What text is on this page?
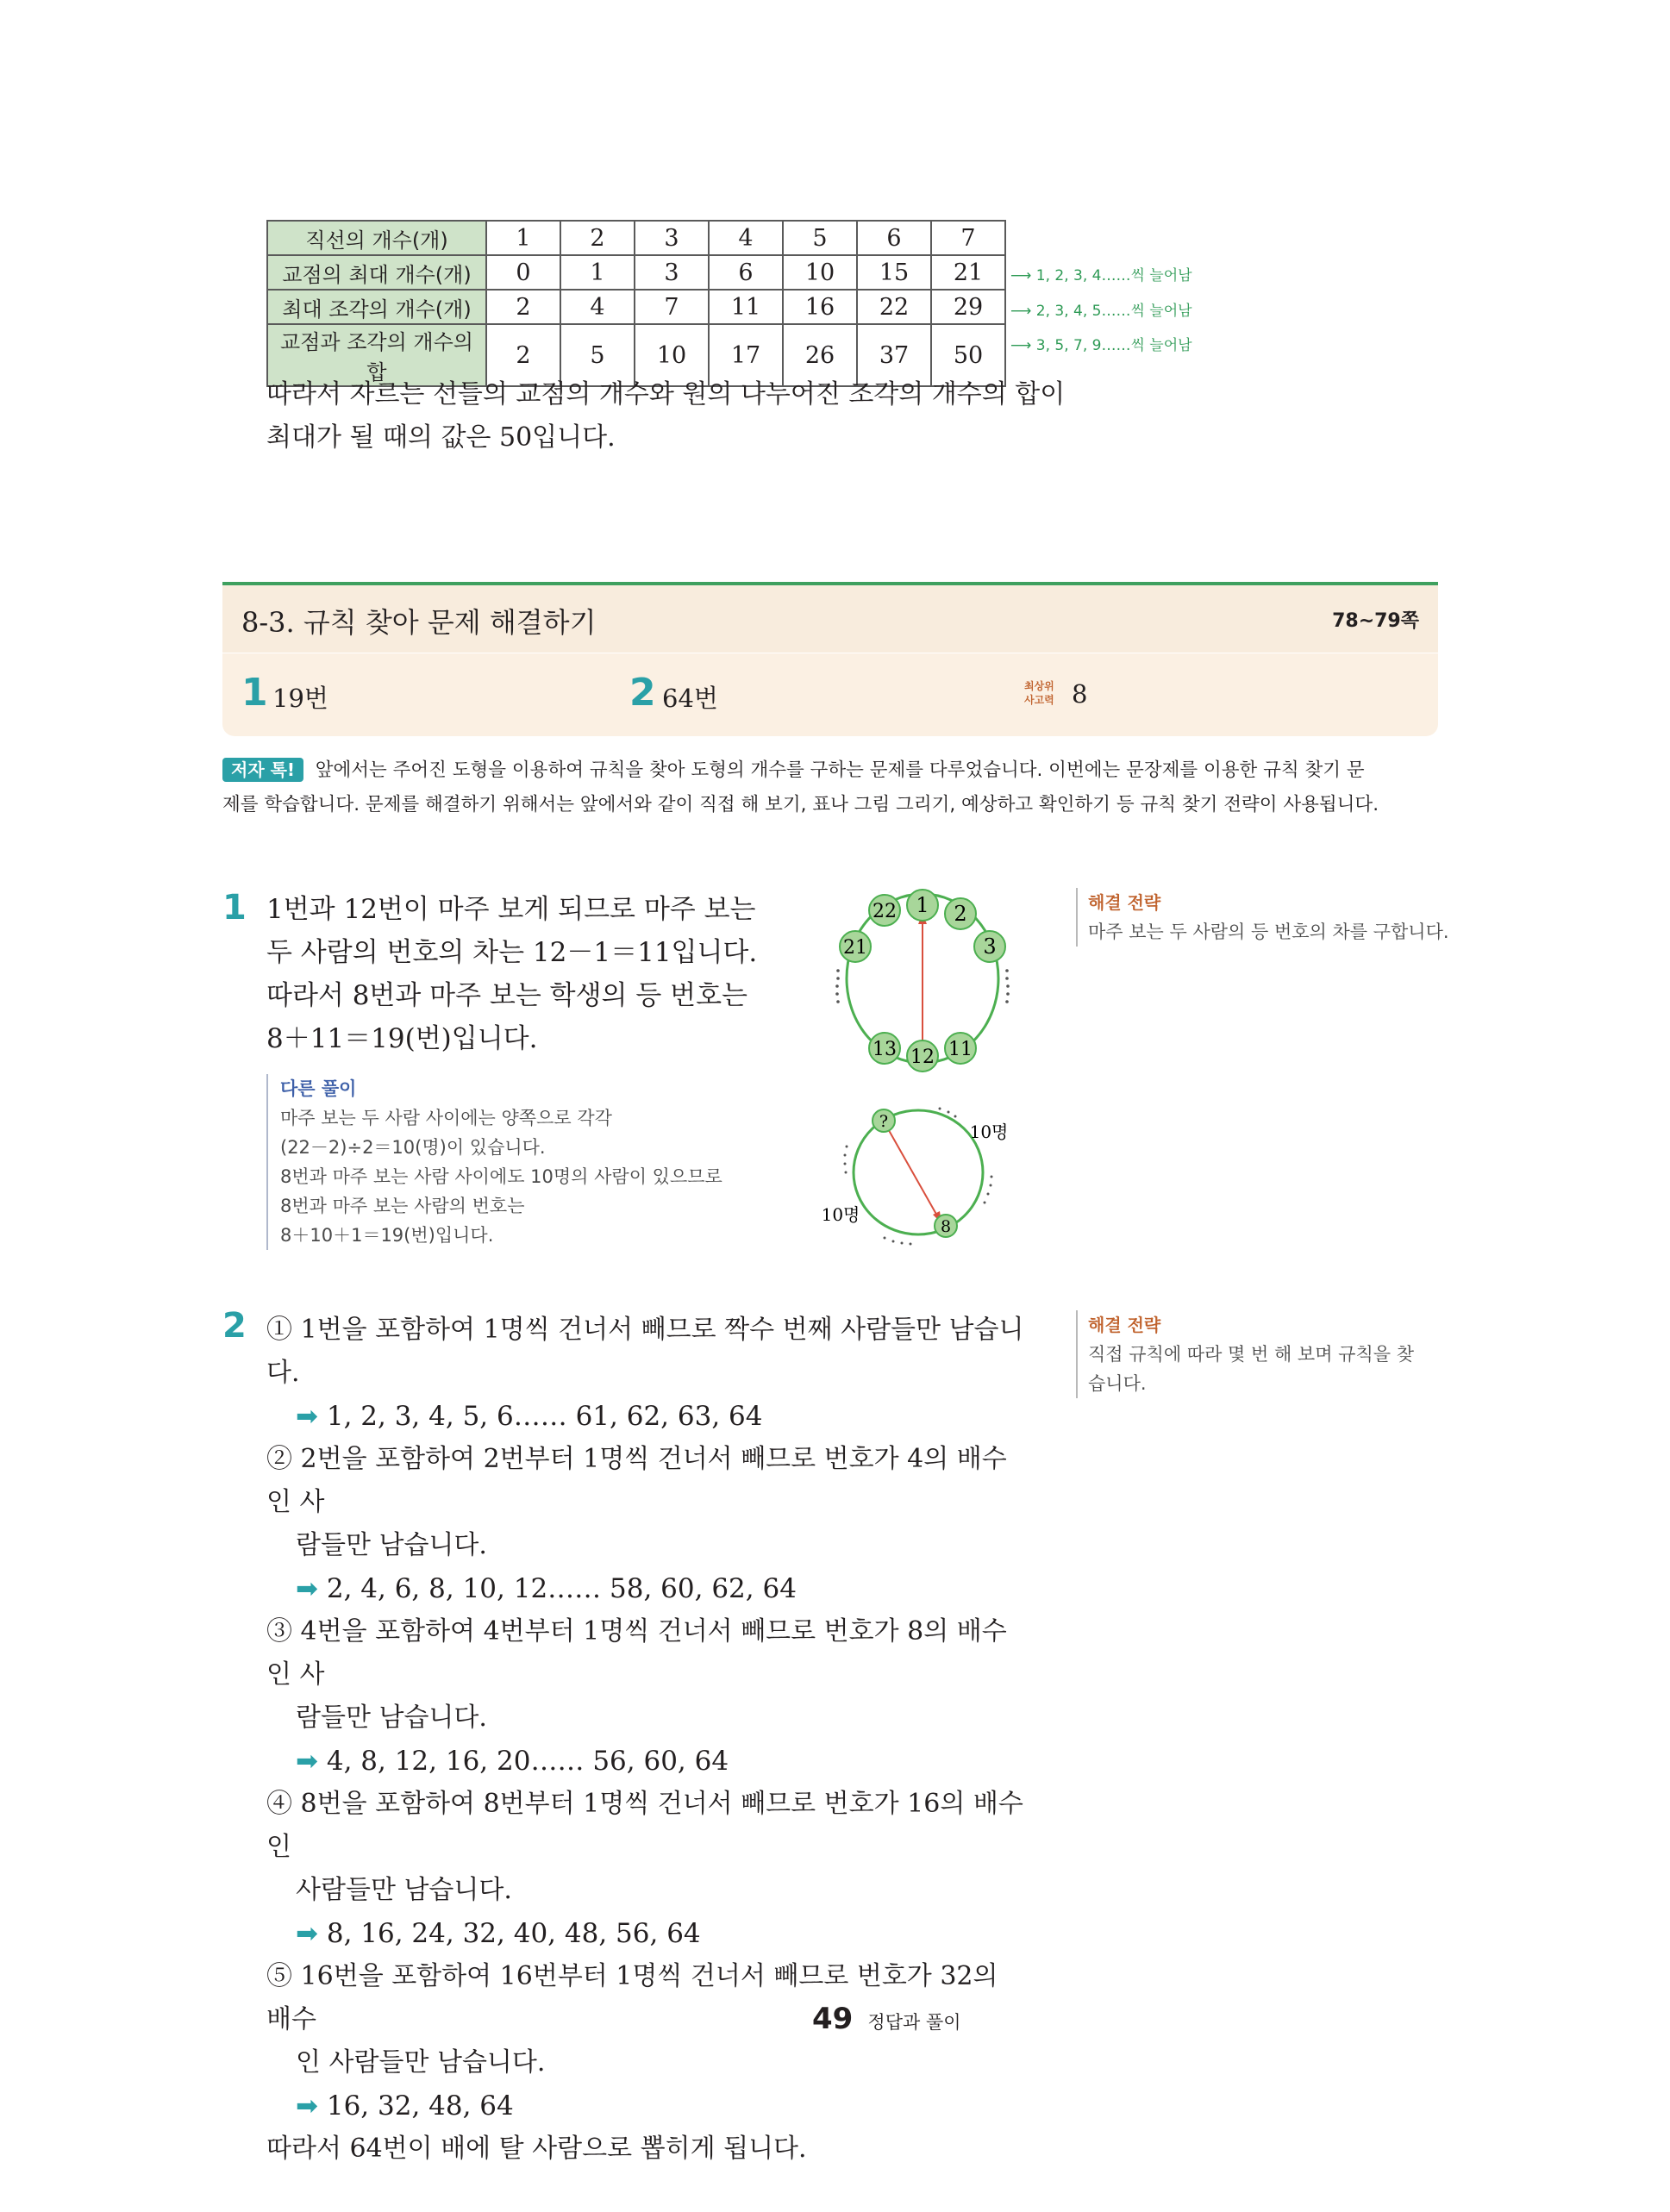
직선의 개수(개)	1	2	3	4	5	6	7
교점의 최대 개수(개)	0	1	3	6	10	15	21
최대 조각의 개수(개)	2	4	7	11	16	22	29
교점과 조각의 개수의 합	2	5	10	17	26	37	50
⟶ 1, 2, 3, 4……씩 늘어남
⟶ 2, 3, 4, 5……씩 늘어남
⟶ 3, 5, 7, 9……씩 늘어남
따라서 자르는 선들의 교점의 개수와 원의 나누어진 조각의 개수의 합이
최대가 될 때의 값은 50입니다.
8-3. 규칙 찾아 문제 해결하기	78~79쪽
1 19번	2 64번	최상위
사고력 8
저자 톡! 앞에서는 주어진 도형을 이용하여 규칙을 찾아 도형의 개수를 구하는 문제를 다루었습니다. 이번에는 문장제를 이용한 규칙 찾기 문
제를 학습합니다. 문제를 해결하기 위해서는 앞에서와 같이 직접 해 보기, 표나 그림 그리기, 예상하고 확인하기 등 규칙 찾기 전략이 사용됩니다.
1 1번과 12번이 마주 보게 되므로 마주 보는
두 사람의 번호의 차는 12－1＝11입니다.
따라서 8번과 마주 보는 학생의 등 번호는
8＋11＝19(번)입니다.
1
22	2
21	3
13 12 11
해결 전략
마주 보는 두 사람의 등 번호의 차를 구합니다.
다른 풀이
마주 보는 두 사람 사이에는 양쪽으로 각각
(22－2)÷2＝10(명)이 있습니다.
8번과 마주 보는 사람 사이에도 10명의 사람이 있으므로
8번과 마주 보는 사람의 번호는
8＋10＋1＝19(번)입니다.
?
8
10명
10명
2	해결 전략
직접 규칙에 따라 몇 번 해 보며 규칙을 찾
습니다.
① 1번을 포함하여 1명씩 건너서 빼므로 짝수 번째 사람들만 남습니다.
➡ 1, 2, 3, 4, 5, 6…… 61, 62, 63, 64
② 2번을 포함하여 2번부터 1명씩 건너서 빼므로 번호가 4의 배수인 사
람들만 남습니다.
➡ 2, 4, 6, 8, 10, 12…… 58, 60, 62, 64
③ 4번을 포함하여 4번부터 1명씩 건너서 빼므로 번호가 8의 배수인 사
람들만 남습니다.
➡ 4, 8, 12, 16, 20…… 56, 60, 64
④ 8번을 포함하여 8번부터 1명씩 건너서 빼므로 번호가 16의 배수인
사람들만 남습니다.
➡ 8, 16, 24, 32, 40, 48, 56, 64
⑤ 16번을 포함하여 16번부터 1명씩 건너서 빼므로 번호가 32의 배수
인 사람들만 남습니다.
➡ 16, 32, 48, 64
따라서 64번이 배에 탈 사람으로 뽑히게 됩니다.
49 정답과 풀이
